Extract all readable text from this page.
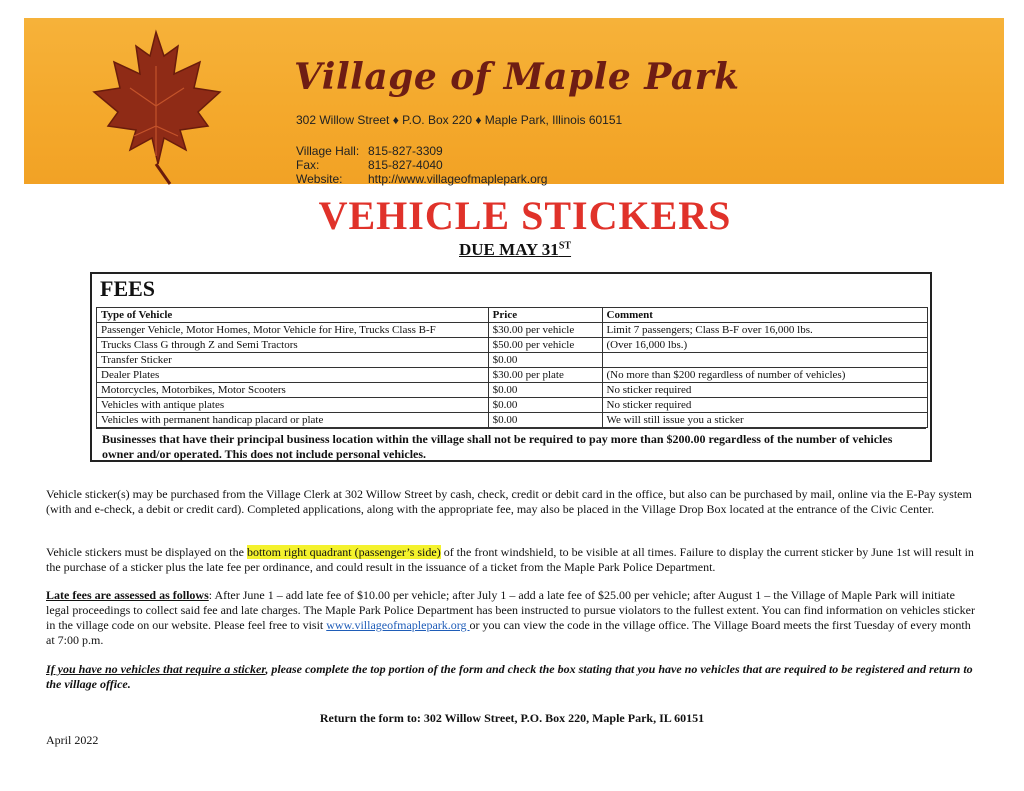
Village of Maple Park
302 Willow Street ♦ P.O. Box 220 ♦ Maple Park, Illinois 60151
Village Hall: 815-827-3309
Fax:	815-827-4040
Website: http://www.villageofmaplepark.org
VEHICLE STICKERS
DUE MAY 31ST
FEES
Type of Vehicle	Price	Comment
Passenger Vehicle, Motor Homes, Motor Vehicle for Hire, Trucks Class B-F	$30.00 per vehicle	Limit 7 passengers; Class B-F over 16,000 lbs.
Trucks Class G through Z and Semi Tractors	$50.00 per vehicle	(Over 16,000 lbs.)
Transfer Sticker	$0.00	
Dealer Plates	$30.00 per plate	(No more than $200 regardless of number of vehicles)
Motorcycles, Motorbikes, Motor Scooters	$0.00	No sticker required
Vehicles with antique plates	$0.00	No sticker required
Vehicles with permanent handicap placard or plate	$0.00	We will still issue you a sticker
Businesses that have their principal business location within the village shall not be required to pay more than $200.00 regardless of the number of vehicles owner and/or operated. This does not include personal vehicles.
Vehicle sticker(s) may be purchased from the Village Clerk at 302 Willow Street by cash, check, credit or debit card in the office, but also can be purchased by mail, online via the E-Pay system (with and e-check, a debit or credit card). Completed applications, along with the appropriate fee, may also be placed in the Village Drop Box located at the entrance of the Civic Center.
Vehicle stickers must be displayed on the bottom right quadrant (passenger’s side) of the front windshield, to be visible at all times. Failure to display the current sticker by June 1st will result in the purchase of a sticker plus the late fee per ordinance, and could result in the issuance of a ticket from the Maple Park Police Department.
Late fees are assessed as follows: After June 1 – add late fee of $10.00 per vehicle; after July 1 – add a late fee of $25.00 per vehicle; after August 1 – the Village of Maple Park will initiate legal proceedings to collect said fee and late charges. The Maple Park Police Department has been instructed to pursue violators to the fullest extent. You can find information on vehicles sticker in the village code on our website. Please feel free to visit www.villageofmaplepark.org or you can view the code in the village office. The Village Board meets the first Tuesday of every month at 7:00 p.m.
If you have no vehicles that require a sticker, please complete the top portion of the form and check the box stating that you have no vehicles that are required to be registered and return to the village office.
Return the form to: 302 Willow Street, P.O. Box 220, Maple Park, IL 60151
April 2022
